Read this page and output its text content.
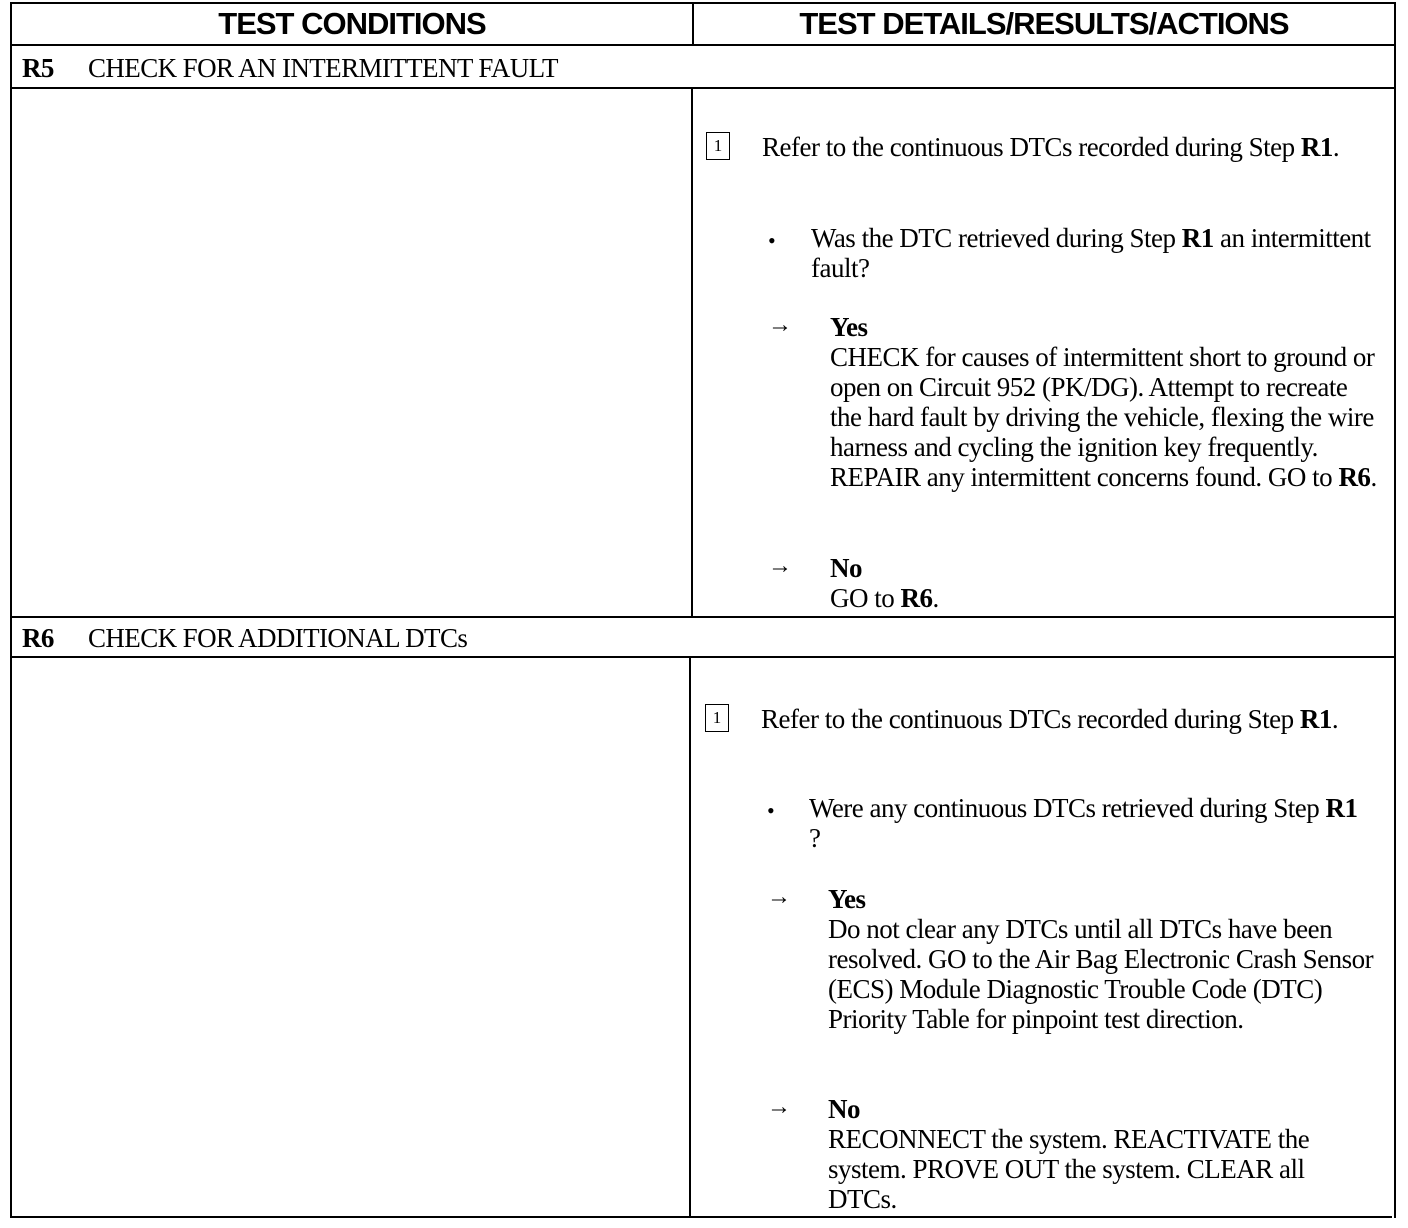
TEST CONDITIONS	TEST DETAILS/RESULTS/ACTIONS
R5	CHECK FOR AN INTERMITTENT FAULT
1 Refer to the continuous DTCs recorded during Step R1.
• Was the DTC retrieved during Step R1 an intermittent fault?
→ Yes
CHECK for causes of intermittent short to ground or open on Circuit 952 (PK/DG). Attempt to recreate the hard fault by driving the vehicle, flexing the wire harness and cycling the ignition key frequently. REPAIR any intermittent concerns found. GO to R6.
→ No
GO to R6.
R6	CHECK FOR ADDITIONAL DTCs
1 Refer to the continuous DTCs recorded during Step R1.
• Were any continuous DTCs retrieved during Step R1 ?
→ Yes
Do not clear any DTCs until all DTCs have been resolved. GO to the Air Bag Electronic Crash Sensor (ECS) Module Diagnostic Trouble Code (DTC) Priority Table for pinpoint test direction.
→ No
RECONNECT the system. REACTIVATE the system. PROVE OUT the system. CLEAR all DTCs.
